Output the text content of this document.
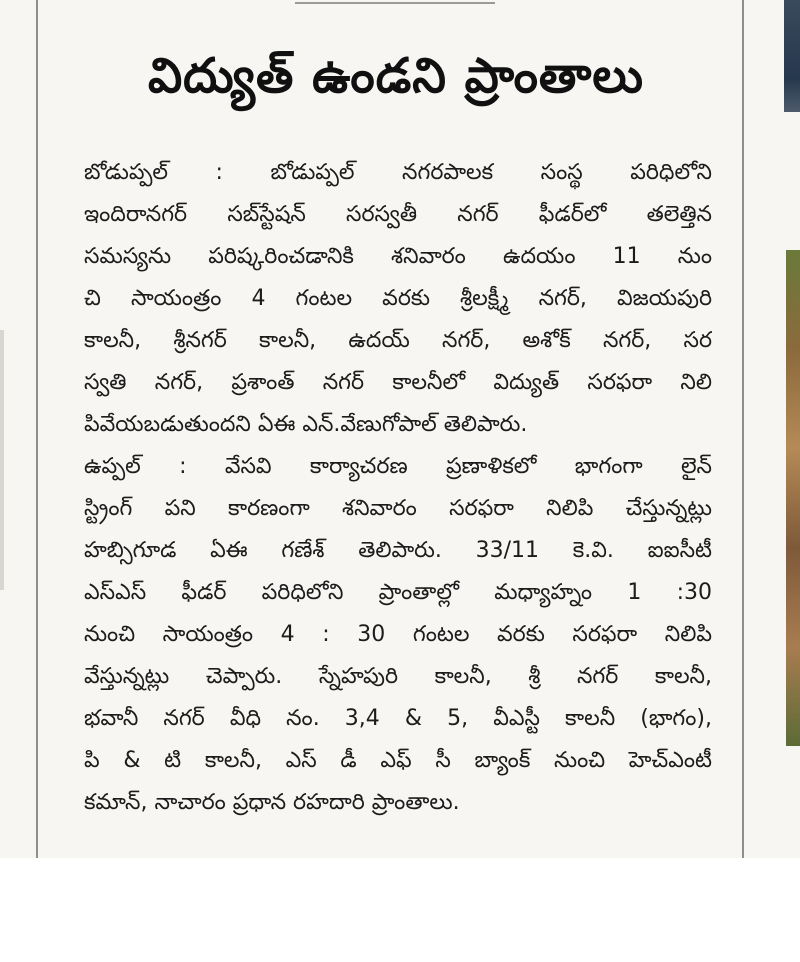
విద్యుత్ ఉండని ప్రాంతాలు
బోడుప్పల్ : బోడుప్పల్ నగరపాలక సంస్థ పరిధిలోని
ఇందిరానగర్ సబ్‌స్టేషన్ సరస్వతీ నగర్ ఫీడర్‌లో తలెత్తిన
సమస్యను పరిష్కరించడానికి శనివారం ఉదయం 11 నుం
చి సాయంత్రం 4 గంటల వరకు శ్రీలక్ష్మీ నగర్, విజయపురి
కాలనీ, శ్రీనగర్ కాలనీ, ఉదయ్ నగర్, అశోక్ నగర్, సర
స్వతి నగర్, ప్రశాంత్ నగర్ కాలనీలో విద్యుత్ సరఫరా నిలి
పివేయబడుతుందని ఏఈ ఎన్.వేణుగోపాల్ తెలిపారు.
ఉప్పల్ : వేసవి కార్యాచరణ ప్రణాళికలో భాగంగా లైన్
స్ట్రింగ్ పని కారణంగా శనివారం సరఫరా నిలిపి చేస్తున్నట్లు
హబ్సిగూడ ఏఈ గణేశ్ తెలిపారు. 33/11 కె.వి. ఐఐసీటీ
ఎస్ఎస్ ఫీడర్ పరిధిలోని ప్రాంతాల్లో మధ్యాహ్నం 1 :30
నుంచి సాయంత్రం 4 : 30 గంటల వరకు సరఫరా నిలిపి
వేస్తున్నట్లు చెప్పారు. స్నేహపురి కాలనీ, శ్రీ నగర్ కాలనీ,
భవానీ నగర్ వీధి నం. 3,4 & 5, వీఎస్టీ కాలనీ (భాగం),
పి & టి కాలనీ, ఎస్ డీ ఎఫ్ సీ బ్యాంక్ నుంచి హెచ్ఎంటీ
కమాన్, నాచారం ప్రధాన రహదారి ప్రాంతాలు.
